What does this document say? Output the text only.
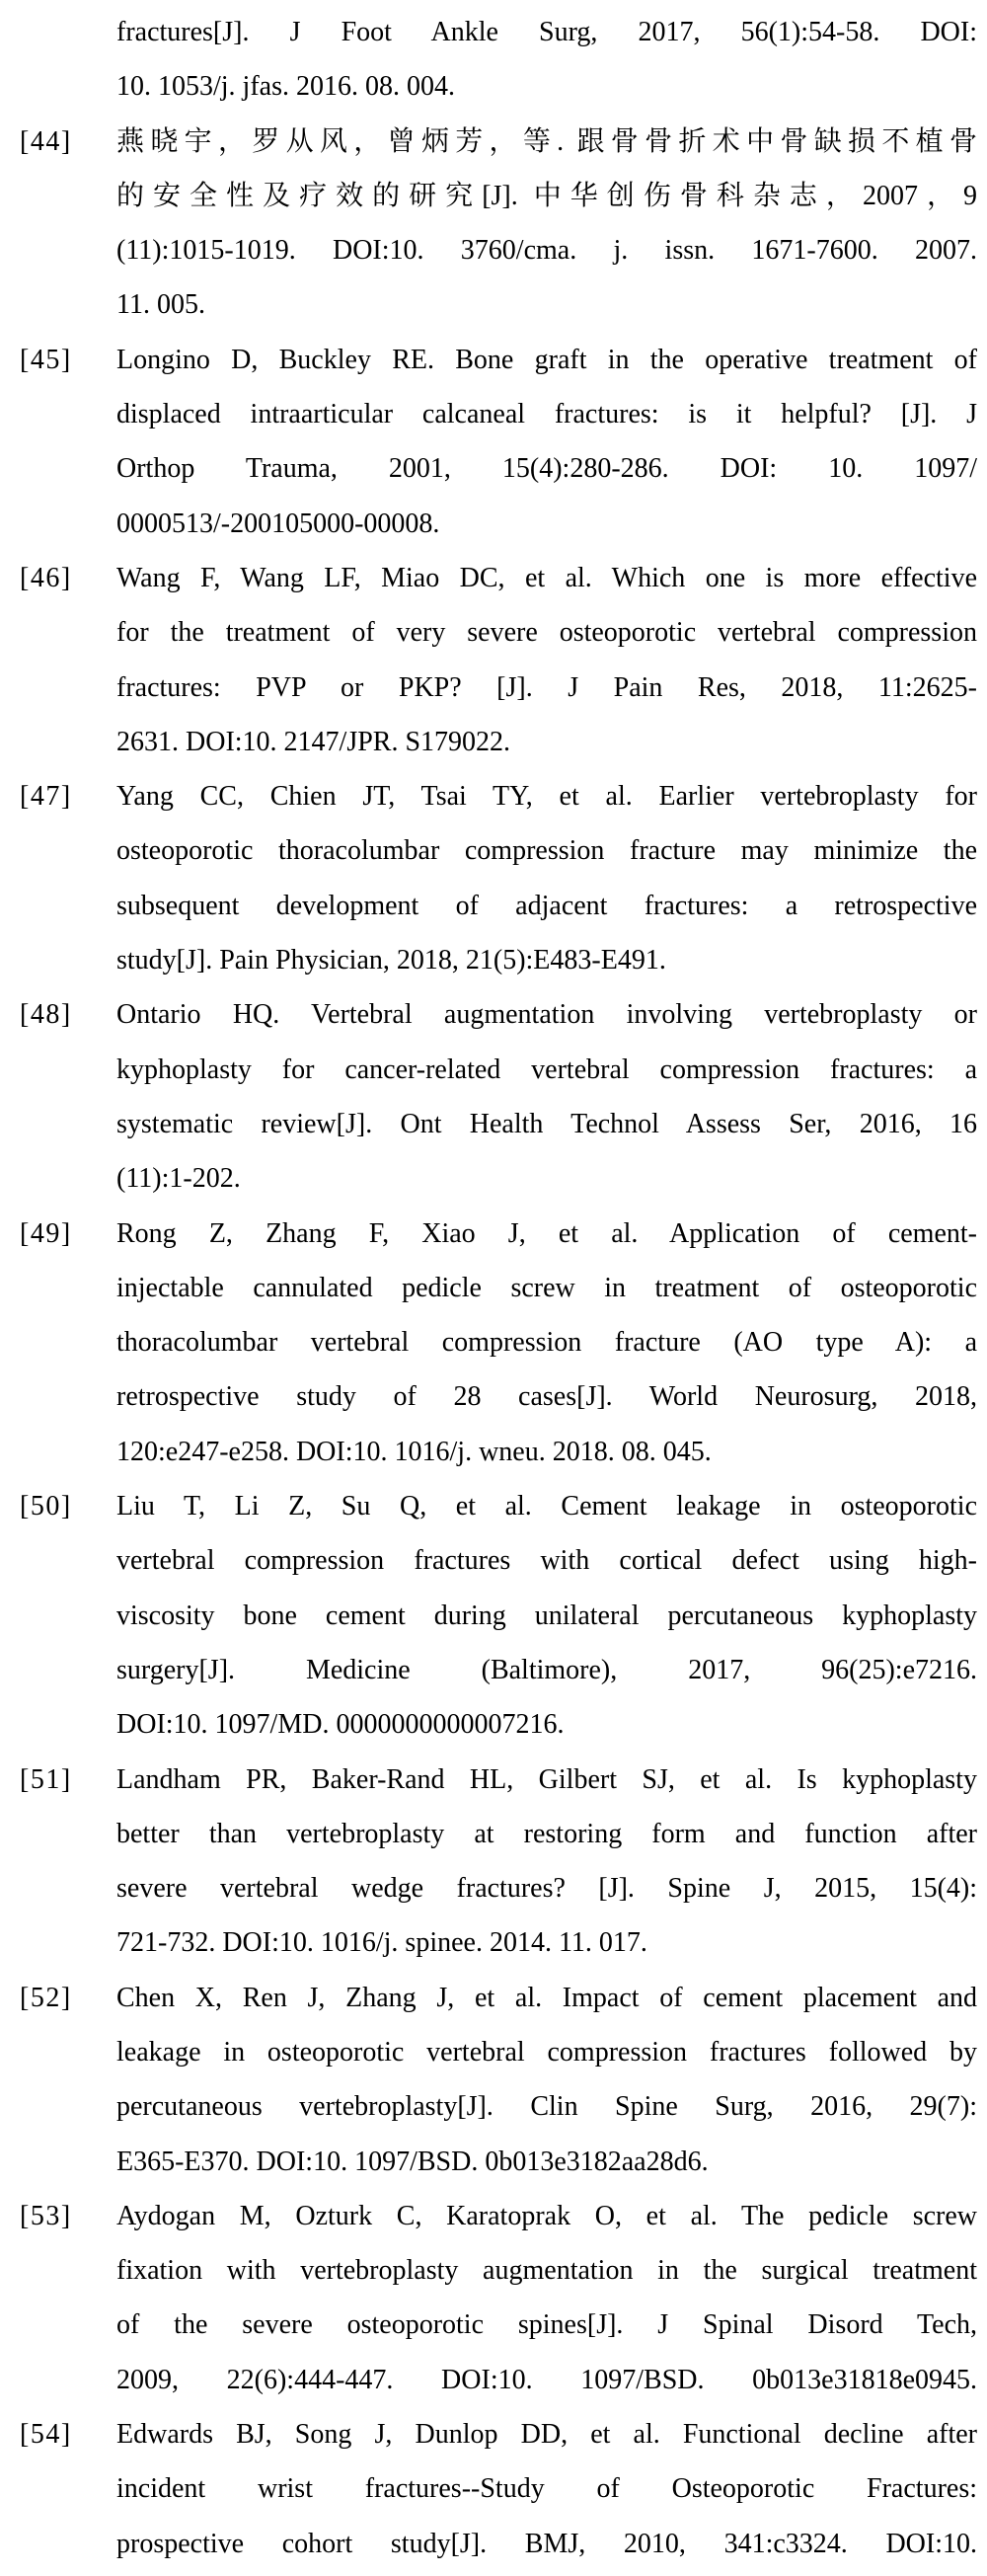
fractures[J]. J Foot Ankle Surg, 2017, 56(1):54-58. DOI:
10. 1053/j. jfas. 2016. 08. 004.
[44] 燕晓宇，罗从风，曾炳芳，等. 跟骨骨折术中骨缺损不植骨
的安全性及疗效的研究[J]. 中华创伤骨科杂志，2007，9
(11):1015-1019. DOI:10. 3760/cma. j. issn. 1671-7600. 2007.
11. 005.
[45] Longino D, Buckley RE. Bone graft in the operative treatment of
displaced intraarticular calcaneal fractures: is it helpful? [J]. J
Orthop Trauma, 2001, 15(4):280-286. DOI: 10. 1097/
0000513/-200105000-00008.
[46] Wang F, Wang LF, Miao DC, et al. Which one is more effective
for the treatment of very severe osteoporotic vertebral compression
fractures: PVP or PKP? [J]. J Pain Res, 2018, 11:2625-
2631. DOI:10. 2147/JPR. S179022.
[47] Yang CC, Chien JT, Tsai TY, et al. Earlier vertebroplasty for
osteoporotic thoracolumbar compression fracture may minimize the
subsequent development of adjacent fractures: a retrospective
study[J]. Pain Physician, 2018, 21(5):E483-E491.
[48] Ontario HQ. Vertebral augmentation involving vertebroplasty or
kyphoplasty for cancer-related vertebral compression fractures: a
systematic review[J]. Ont Health Technol Assess Ser, 2016, 16
(11):1-202.
[49] Rong Z, Zhang F, Xiao J, et al. Application of cement-
injectable cannulated pedicle screw in treatment of osteoporotic
thoracolumbar vertebral compression fracture (AO type A): a
retrospective study of 28 cases[J]. World Neurosurg, 2018,
120:e247-e258. DOI:10. 1016/j. wneu. 2018. 08. 045.
[50] Liu T, Li Z, Su Q, et al. Cement leakage in osteoporotic
vertebral compression fractures with cortical defect using high-
viscosity bone cement during unilateral percutaneous kyphoplasty
surgery[J]. Medicine (Baltimore), 2017, 96(25):e7216.
DOI:10. 1097/MD. 0000000000007216.
[51] Landham PR, Baker-Rand HL, Gilbert SJ, et al. Is kyphoplasty
better than vertebroplasty at restoring form and function after
severe vertebral wedge fractures? [J]. Spine J, 2015, 15(4):
721-732. DOI:10. 1016/j. spinee. 2014. 11. 017.
[52] Chen X, Ren J, Zhang J, et al. Impact of cement placement and
leakage in osteoporotic vertebral compression fractures followed by
percutaneous vertebroplasty[J]. Clin Spine Surg, 2016, 29(7):
E365-E370. DOI:10. 1097/BSD. 0b013e3182aa28d6.
[53] Aydogan M, Ozturk C, Karatoprak O, et al. The pedicle screw
fixation with vertebroplasty augmentation in the surgical treatment
of the severe osteoporotic spines[J]. J Spinal Disord Tech,
2009, 22(6):444-447. DOI:10. 1097/BSD. 0b013e31818e0945.
[54] Edwards BJ, Song J, Dunlop DD, et al. Functional decline after
incident wrist fractures--Study of Osteoporotic Fractures:
prospective cohort study[J]. BMJ, 2010, 341:c3324. DOI:10.
